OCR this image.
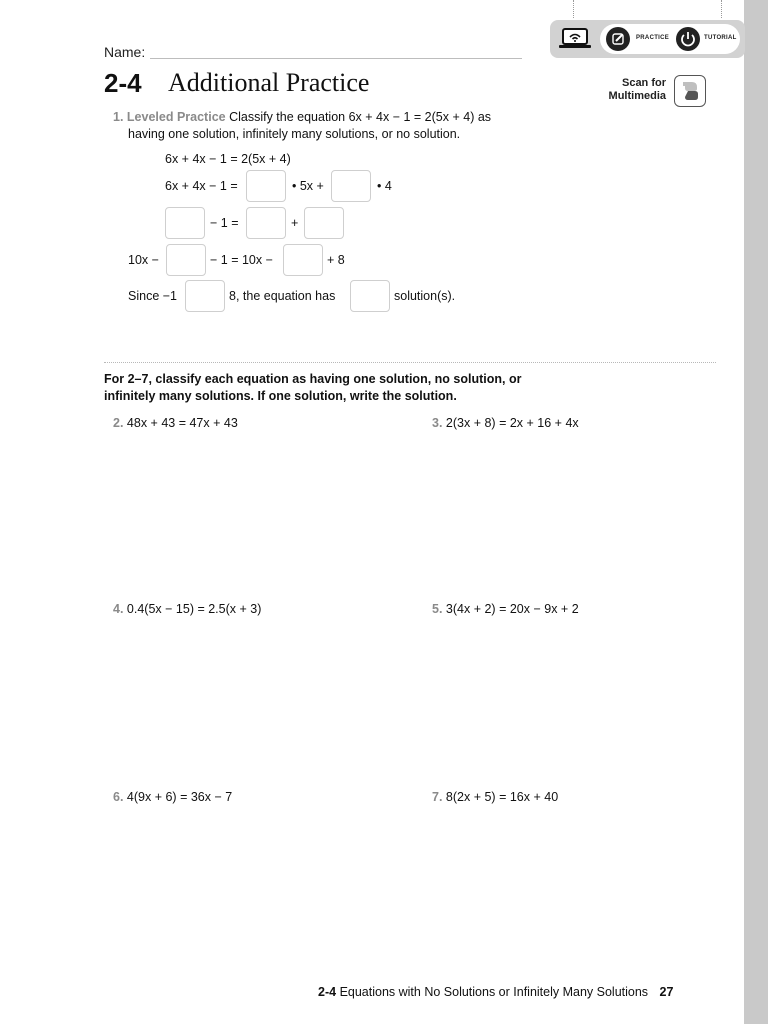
Name:
PRACTICE	TUTORIAL
2-4 Additional Practice	Scan for
Multimedia
1. Leveled Practice Classify the equation 6x + 4x − 1 = 2(5x + 4) as
having one solution, infinitely many solutions, or no solution.
6x + 4x − 1 = 2(5x + 4)
6x + 4x − 1 =	• 5x +	• 4
− 1 =	+
10x −	− 1 = 10x −	+ 8
Since −1	8, the equation has	solution(s).
For 2–7, classify each equation as having one solution, no solution, or
infinitely many solutions. If one solution, write the solution.
2. 48x + 43 = 47x + 43	3. 2(3x + 8) = 2x + 16 + 4x
4. 0.4(5x − 15) = 2.5(x + 3)	5. 3(4x + 2) = 20x − 9x + 2
6. 4(9x + 6) = 36x − 7	7. 8(2x + 5) = 16x + 40
2-4 Equations with No Solutions or Infinitely Many Solutions 27
